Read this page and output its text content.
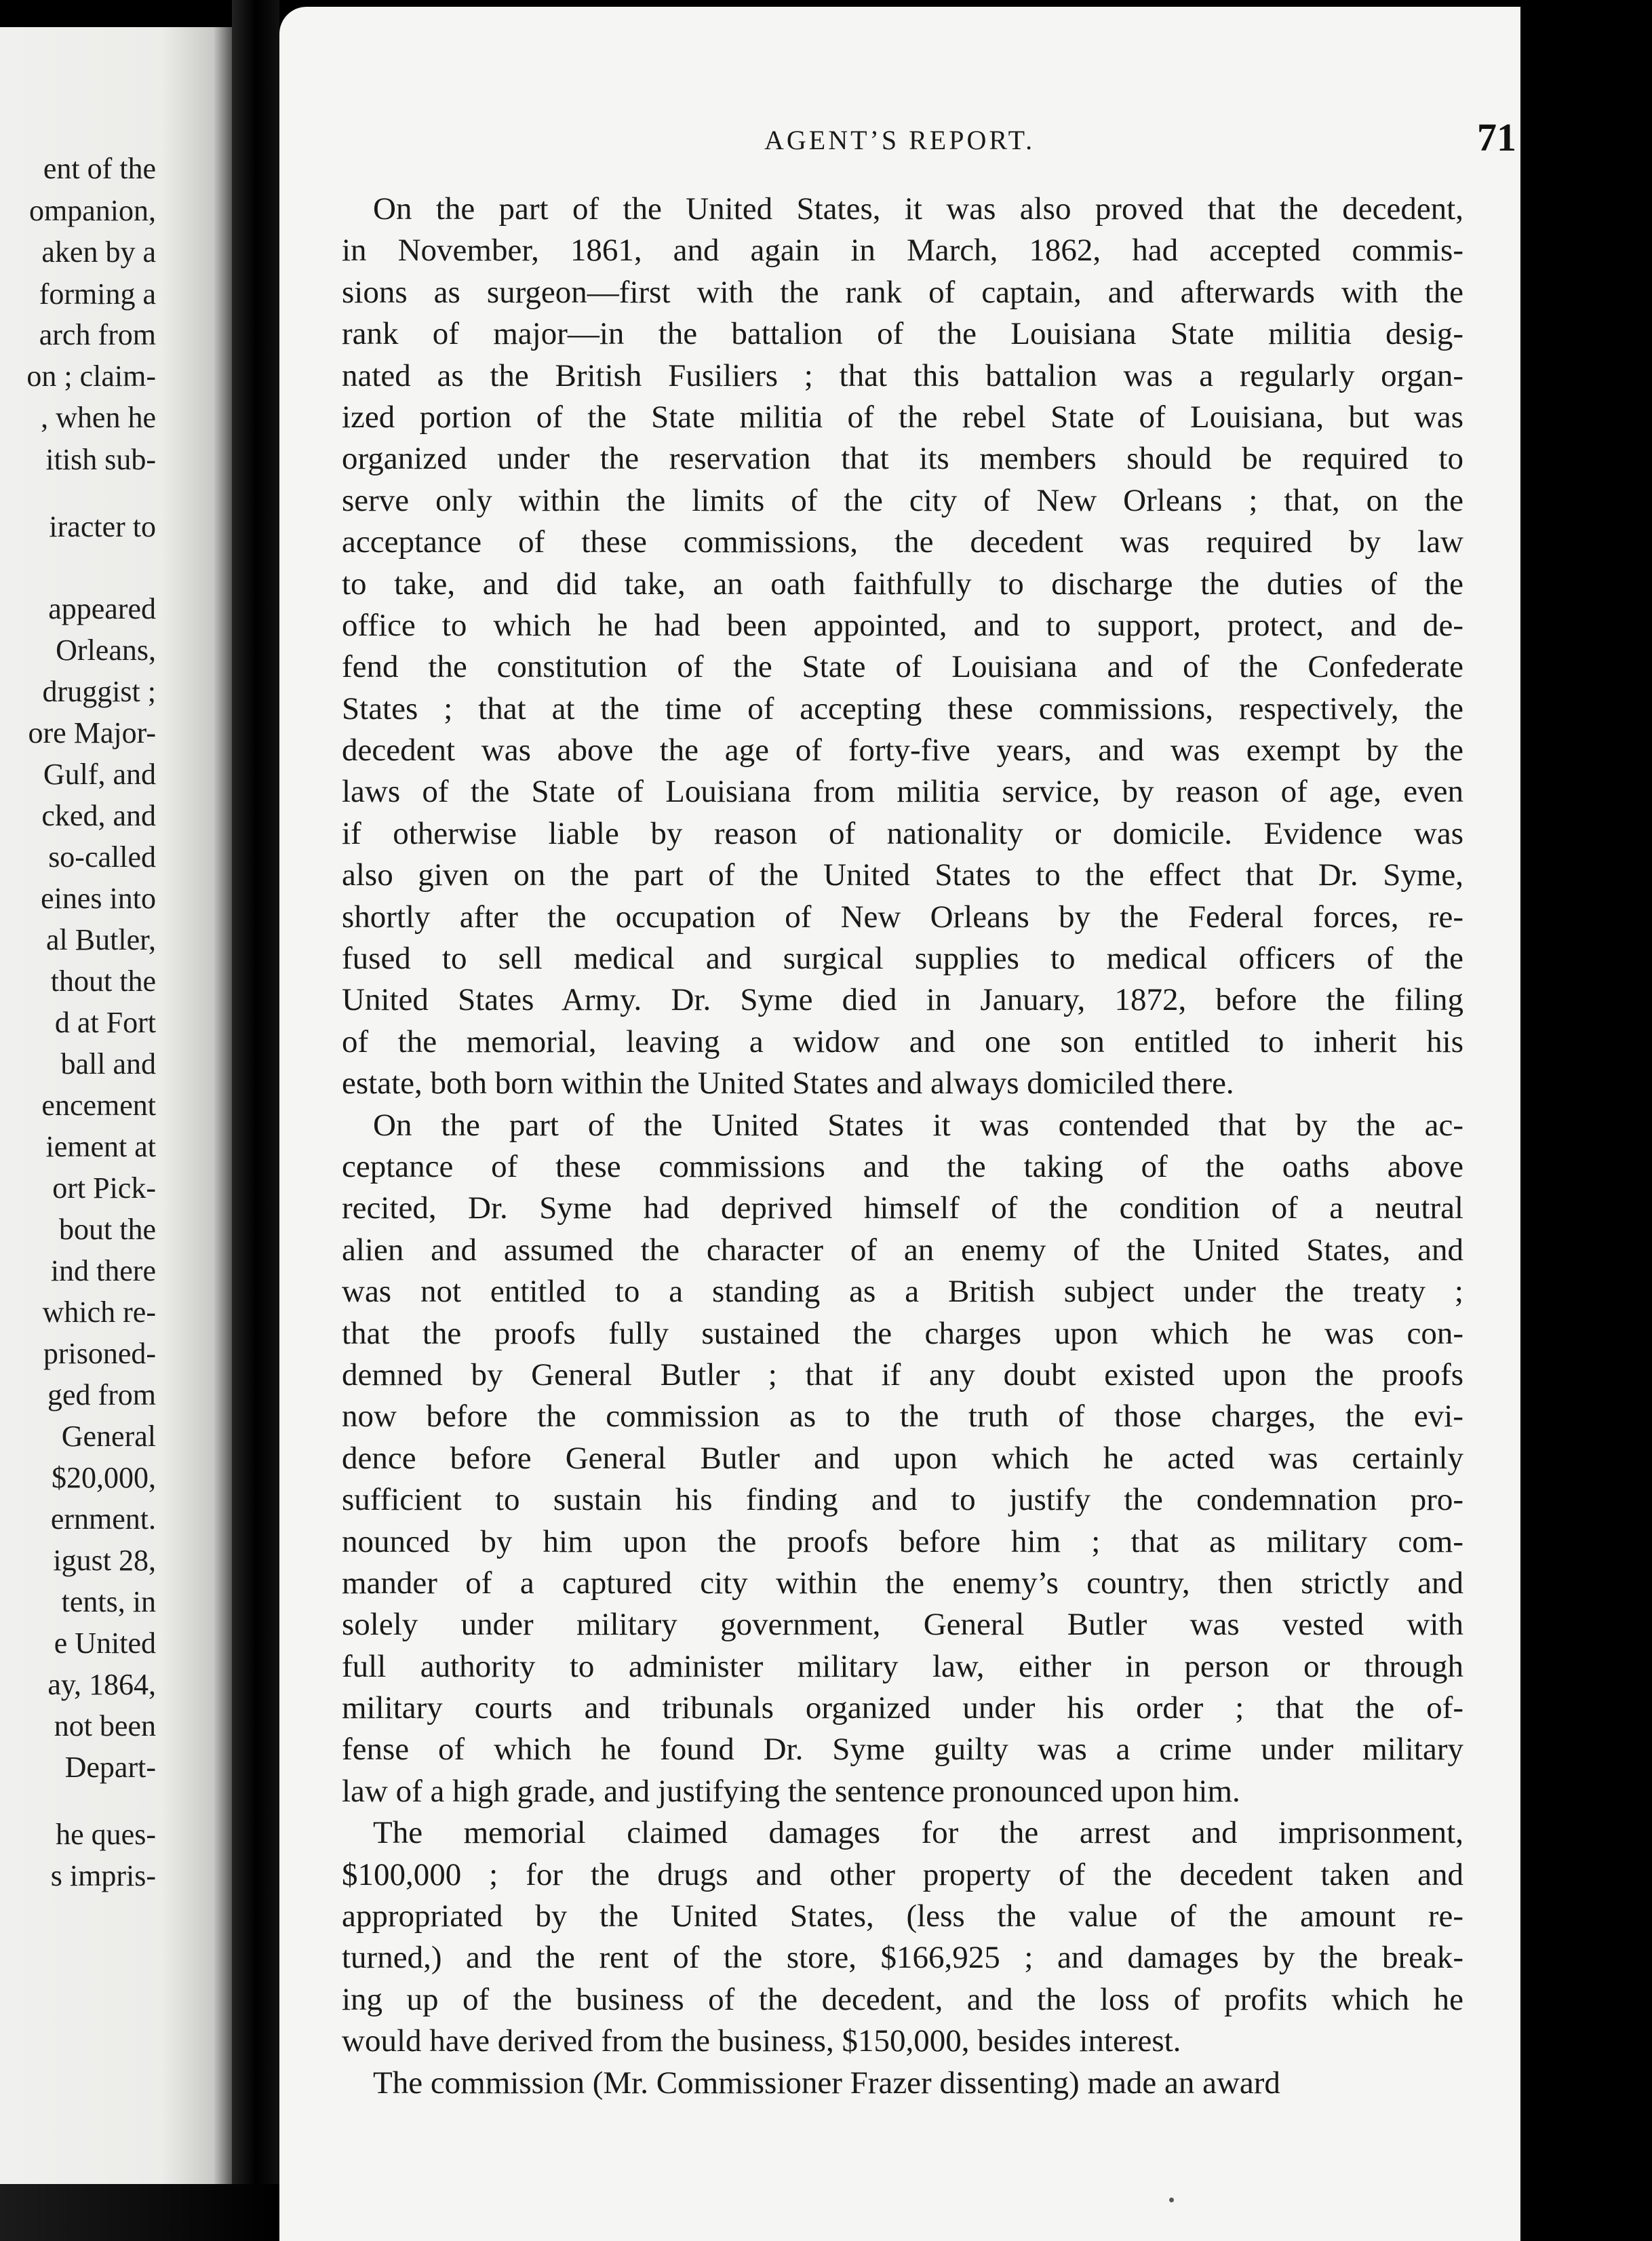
ent of the

ompanion,

aken by a

forming a

arch from

on ; claim-

, when he

itish sub-

iracter to

appeared

Orleans,

druggist ;

ore Major-

Gulf, and

cked, and

so-called

eines into

al Butler,

thout the

d at Fort

ball and

encement

iement at

ort Pick-

bout the

ind there

which re-

prisoned-

ged from

General

$20,000,

ernment.

igust 28,

tents, in

e United

ay, 1864,

not been

Depart-

he ques-

s impris-

AGENT’S REPORT.	71
On the part of the United States, it was also proved that the decedent,
in November, 1861, and again in March, 1862, had accepted commis-
sions as surgeon—first with the rank of captain, and afterwards with the
rank of major—in the battalion of the Louisiana State militia desig-
nated as the British Fusiliers ; that this battalion was a regularly organ-
ized portion of the State militia of the rebel State of Louisiana, but was
organized under the reservation that its members should be required to
serve only within the limits of the city of New Orleans ; that, on the
acceptance of these commissions, the decedent was required by law
to take, and did take, an oath faithfully to discharge the duties of the
office to which he had been appointed, and to support, protect, and de-
fend the constitution of the State of Louisiana and of the Confederate
States ; that at the time of accepting these commissions, respectively, the
decedent was above the age of forty-five years, and was exempt by the
laws of the State of Louisiana from militia service, by reason of age, even
if otherwise liable by reason of nationality or domicile. Evidence was
also given on the part of the United States to the effect that Dr. Syme,
shortly after the occupation of New Orleans by the Federal forces, re-
fused to sell medical and surgical supplies to medical officers of the
United States Army. Dr. Syme died in January, 1872, before the filing
of the memorial, leaving a widow and one son entitled to inherit his
estate, both born within the United States and always domiciled there.
On the part of the United States it was contended that by the ac-
ceptance of these commissions and the taking of the oaths above
recited, Dr. Syme had deprived himself of the condition of a neutral
alien and assumed the character of an enemy of the United States, and
was not entitled to a standing as a British subject under the treaty ;
that the proofs fully sustained the charges upon which he was con-
demned by General Butler ; that if any doubt existed upon the proofs
now before the commission as to the truth of those charges, the evi-
dence before General Butler and upon which he acted was certainly
sufficient to sustain his finding and to justify the condemnation pro-
nounced by him upon the proofs before him ; that as military com-
mander of a captured city within the enemy’s country, then strictly and
solely under military government, General Butler was vested with
full authority to administer military law, either in person or through
military courts and tribunals organized under his order ; that the of-
fense of which he found Dr. Syme guilty was a crime under military
law of a high grade, and justifying the sentence pronounced upon him.
The memorial claimed damages for the arrest and imprisonment,
$100,000 ; for the drugs and other property of the decedent taken and
appropriated by the United States, (less the value of the amount re-
turned,) and the rent of the store, $166,925 ; and damages by the break-
ing up of the business of the decedent, and the loss of profits which he
would have derived from the business, $150,000, besides interest.
The commission (Mr. Commissioner Frazer dissenting) made an award
